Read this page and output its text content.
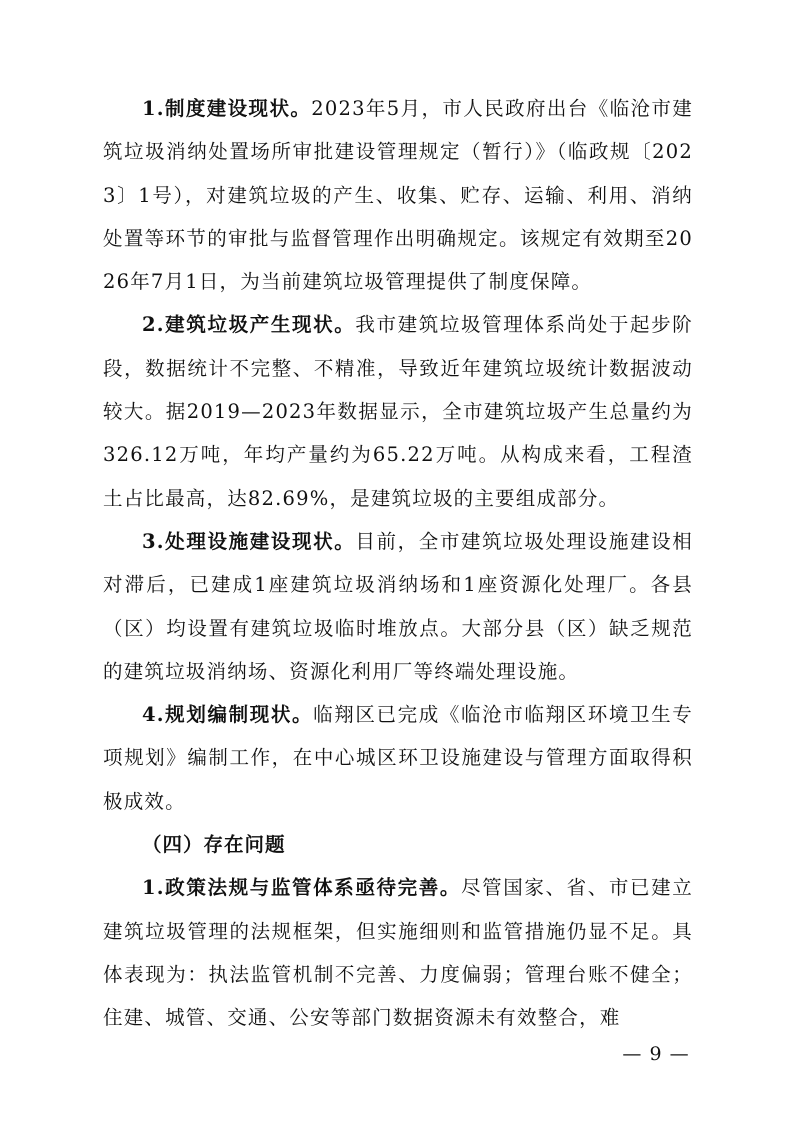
1.制度建设现状。2023年5月，市人民政府出台《临沧市建筑垃圾消纳处置场所审批建设管理规定（暂行）》（临政规〔2023〕1号），对建筑垃圾的产生、收集、贮存、运输、利用、消纳处置等环节的审批与监督管理作出明确规定。该规定有效期至2026年7月1日，为当前建筑垃圾管理提供了制度保障。

2.建筑垃圾产生现状。我市建筑垃圾管理体系尚处于起步阶段，数据统计不完整、不精准，导致近年建筑垃圾统计数据波动较大。据2019—2023年数据显示，全市建筑垃圾产生总量约为326.12万吨，年均产量约为65.22万吨。从构成来看，工程渣土占比最高，达82.69%，是建筑垃圾的主要组成部分。

3.处理设施建设现状。目前，全市建筑垃圾处理设施建设相对滞后，已建成1座建筑垃圾消纳场和1座资源化处理厂。各县（区）均设置有建筑垃圾临时堆放点。大部分县（区）缺乏规范的建筑垃圾消纳场、资源化利用厂等终端处理设施。

4.规划编制现状。临翔区已完成《临沧市临翔区环境卫生专项规划》编制工作，在中心城区环卫设施建设与管理方面取得积极成效。

（四）存在问题

1.政策法规与监管体系亟待完善。尽管国家、省、市已建立建筑垃圾管理的法规框架，但实施细则和监管措施仍显不足。具体表现为：执法监管机制不完善、力度偏弱；管理台账不健全；住建、城管、交通、公安等部门数据资源未有效整合，难

— 9 —
